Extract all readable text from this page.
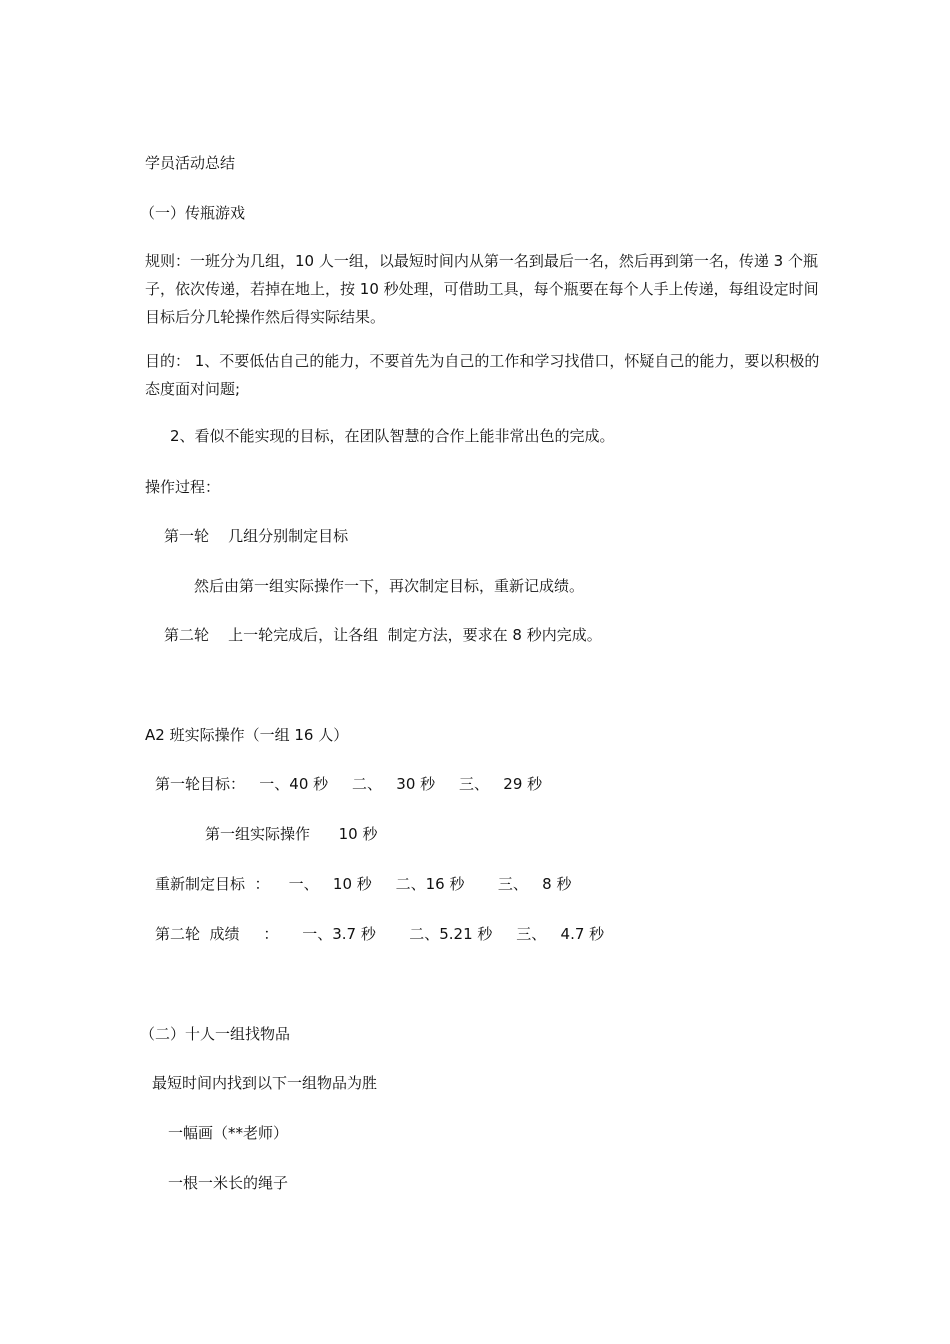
学员活动总结
（一）传瓶游戏
规则：一班分为几组，10 人一组，以最短时间内从第一名到最后一名，然后再到第一名，传递 3 个瓶子，依次传递，若掉在地上，按 10 秒处理，可借助工具，每个瓶要在每个人手上传递，每组设定时间目标后分几轮操作然后得实际结果。
目的： 1、不要低估自己的能力，不要首先为自己的工作和学习找借口，怀疑自己的能力，要以积极的态度面对问题;
2、看似不能实现的目标，在团队智慧的合作上能非常出色的完成。
操作过程：
第一轮    几组分别制定目标
然后由第一组实际操作一下，再次制定目标，重新记成绩。
第二轮    上一轮完成后，让各组  制定方法，要求在 8 秒内完成。
A2 班实际操作（一组 16 人）
第一轮目标：   一、40 秒     二、   30 秒     三、   29 秒
第一组实际操作      10 秒
重新制定目标  ：    一、   10 秒     二、16 秒       三、   8 秒
第二轮  成绩     ：     一、3.7 秒       二、5.21 秒     三、   4.7 秒
（二）十人一组找物品
最短时间内找到以下一组物品为胜
一幅画（**老师）
一根一米长的绳子
